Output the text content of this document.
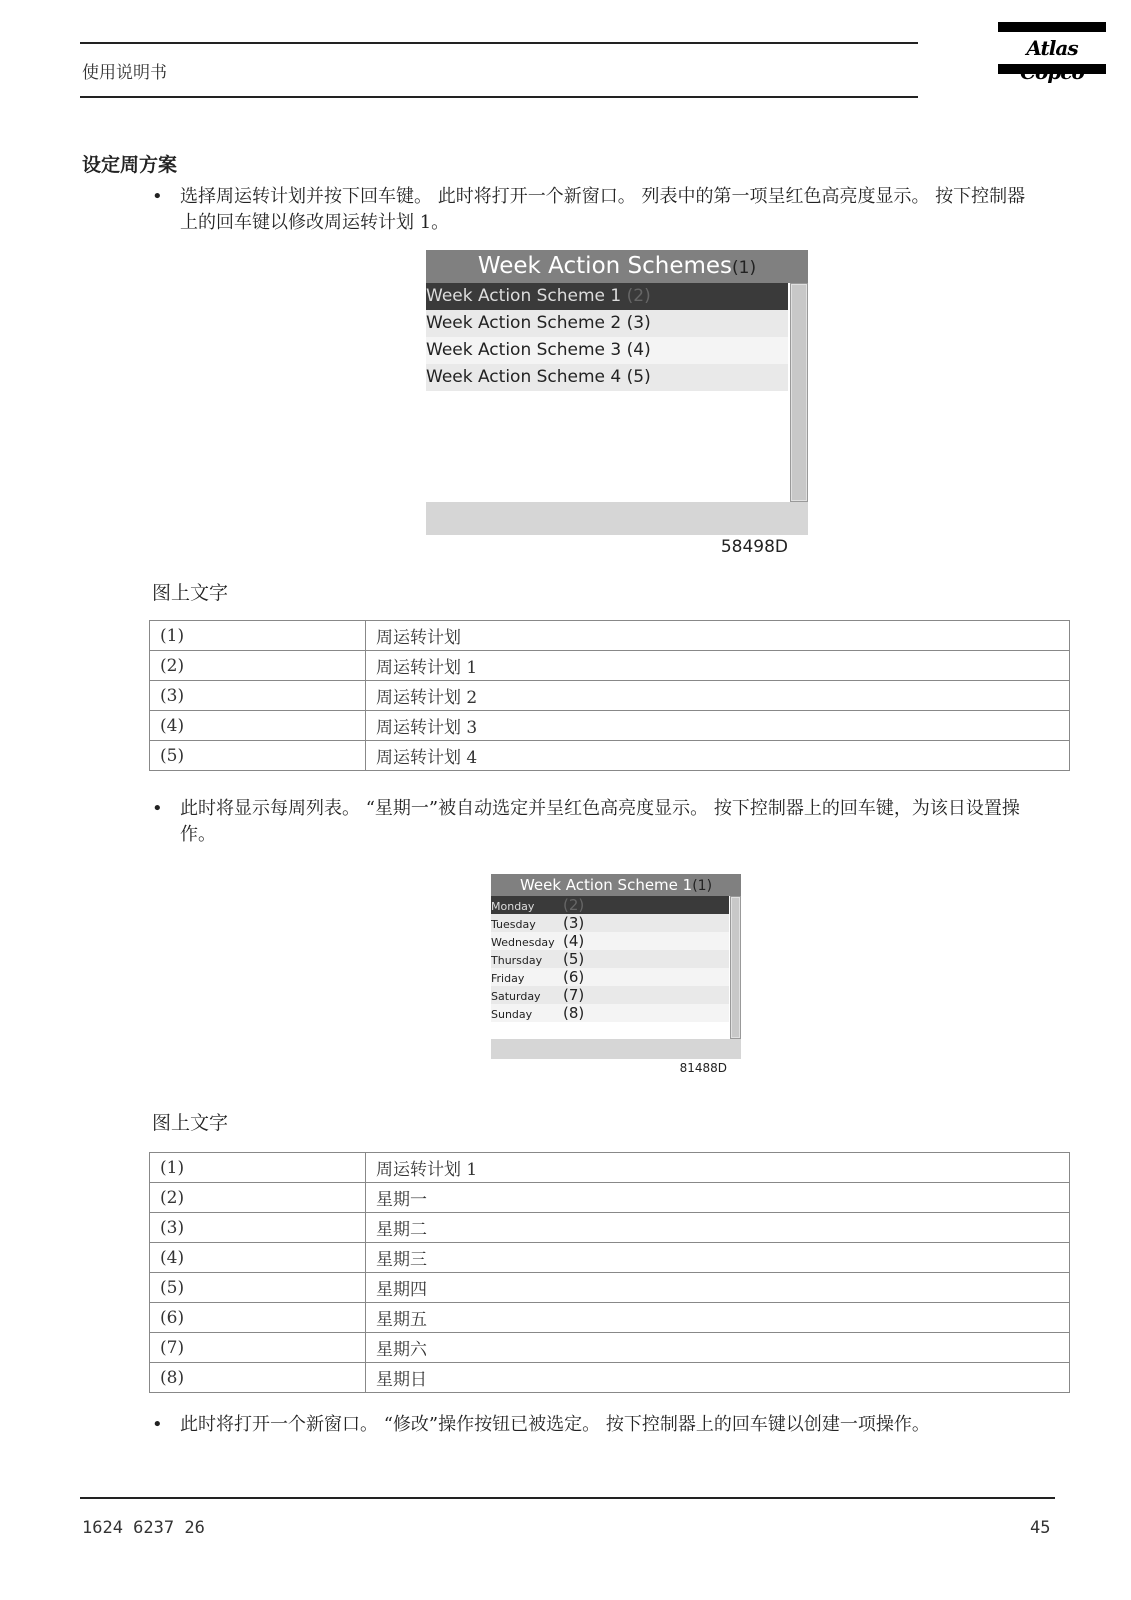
使用说明书
Atlas
设定周方案
• 选择周运转计划并按下回车键。 此时将打开一个新窗口。 列表中的第一项呈红色高亮度显示。 按下控制器上的回车键以修改周运转计划 1。
Week Action Schemes(1)
Week Action Scheme 1 (2)
Week Action Scheme 2 (3)
Week Action Scheme 3 (4)
Week Action Scheme 4 (5)
58498D
图上文字
(1)	周运转计划
(2)	周运转计划 1
(3)	周运转计划 2
(4)	周运转计划 3
(5)	周运转计划 4
• 此时将显示每周列表。 “星期一”被自动选定并呈红色高亮度显示。 按下控制器上的回车键，为该日设置操作。
Week Action Scheme 1(1)
Monday (2)
Tuesday (3)
Wednesday (4)
Thursday (5)
Friday	(6)
Saturday (7)
Sunday (8)
81488D
图上文字
(1)	周运转计划 1
(2)	星期一
(3)	星期二
(4)	星期三
(5)	星期四
(6)	星期五
(7)	星期六
(8)	星期日
• 此时将打开一个新窗口。 “修改”操作按钮已被选定。 按下控制器上的回车键以创建一项操作。
1624 6237 26	45
